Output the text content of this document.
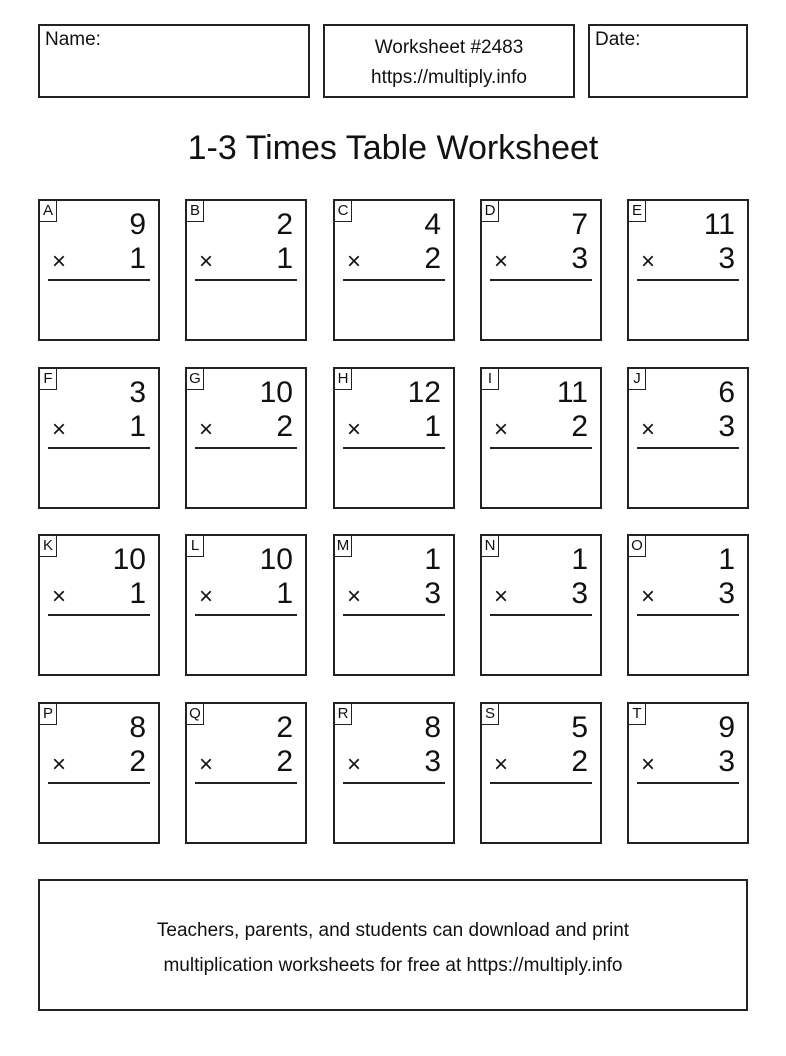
Name:	Worksheet #2483
https://multiply.info
Date:
1-3 Times Table Worksheet
A	9
× 1
B	2
× 1
C	4
× 2
D	7
× 3
E 11
× 3
F	3
× 1
G 10
× 2
H 12
× 1
I 11
× 2
J	6
× 3
K 10
× 1
L 10
× 1
M	1
× 3
N	1
× 3
O	1
× 3
P	8
× 2
Q	2
× 2
R	8
× 3
S	5
× 2
T	9
× 3
Teachers, parents, and students can download and print
multiplication worksheets for free at https://multiply.info
